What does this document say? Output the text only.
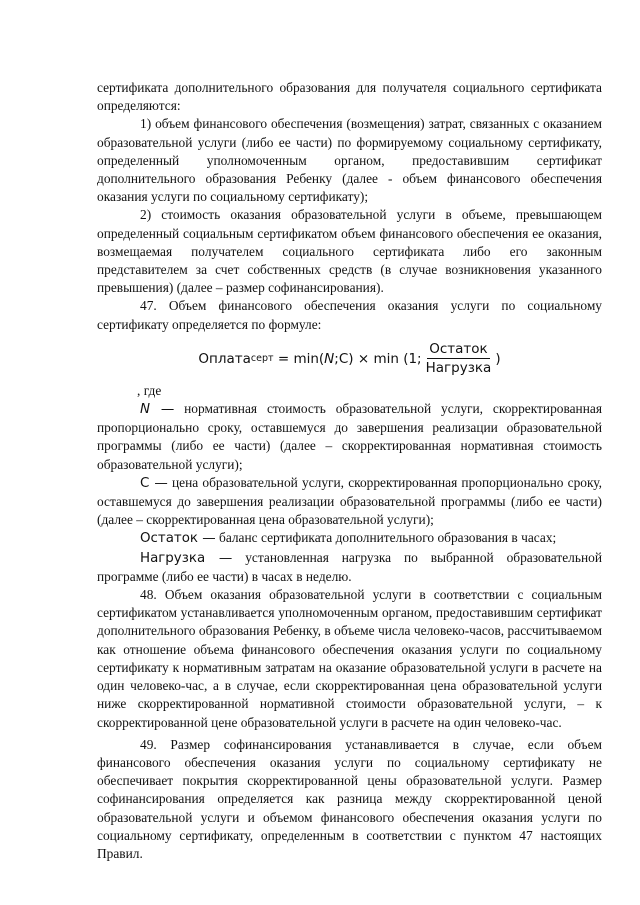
сертификата дополнительного образования для получателя социального сертификата определяются:

1) объем финансового обеспечения (возмещения) затрат, связанных с оказанием образовательной услуги (либо ее части) по формируемому социальному сертификату, определенный уполномоченным органом, предоставившим сертификат дополнительного образования Ребенку (далее - объем финансового обеспечения оказания услуги по социальному сертификату);

2) стоимость оказания образовательной услуги в объеме, превышающем определенный социальным сертификатом объем финансового обеспечения ее оказания, возмещаемая получателем социального сертификата либо его законным представителем за счет собственных средств (в случае возникновения указанного превышения) (далее – размер софинансирования).

47. Объем финансового обеспечения оказания услуги по социальному сертификату определяется по формуле:

Оплата серт = min( N ; C ) × min (1; $\frac{\text{Остаток}}{\text{Нагрузка}}$ )

, где

N — нормативная стоимость образовательной услуги, скорректированная пропорционально сроку, оставшемуся до завершения реализации образовательной программы (либо ее части) (далее – скорректированная нормативная стоимость образовательной услуги);

C — цена образовательной услуги, скорректированная пропорционально сроку, оставшемуся до завершения реализации образовательной программы (либо ее части) (далее – скорректированная цена образовательной услуги);

Остаток — баланс сертификата дополнительного образования в часах;

Нагрузка — установленная нагрузка по выбранной образовательной программе (либо ее части) в часах в неделю.

48. Объем оказания образовательной услуги в соответствии с социальным сертификатом устанавливается уполномоченным органом, предоставившим сертификат дополнительного образования Ребенку, в объеме числа человеко-часов, рассчитываемом как отношение объема финансового обеспечения оказания услуги по социальному сертификату к нормативным затратам на оказание образовательной услуги в расчете на один человеко-час, а в случае, если скорректированная цена образовательной услуги ниже скорректированной нормативной стоимости образовательной услуги, – к скорректированной цене образовательной услуги в расчете на один человеко-час.

49. Размер софинансирования устанавливается в случае, если объем финансового обеспечения оказания услуги по социальному сертификату не обеспечивает покрытия скорректированной цены образовательной услуги. Размер софинансирования определяется как разница между скорректированной ценой образовательной услуги и объемом финансового обеспечения оказания услуги по социальному сертификату, определенным в соответствии с пунктом 47 настоящих Правил.
